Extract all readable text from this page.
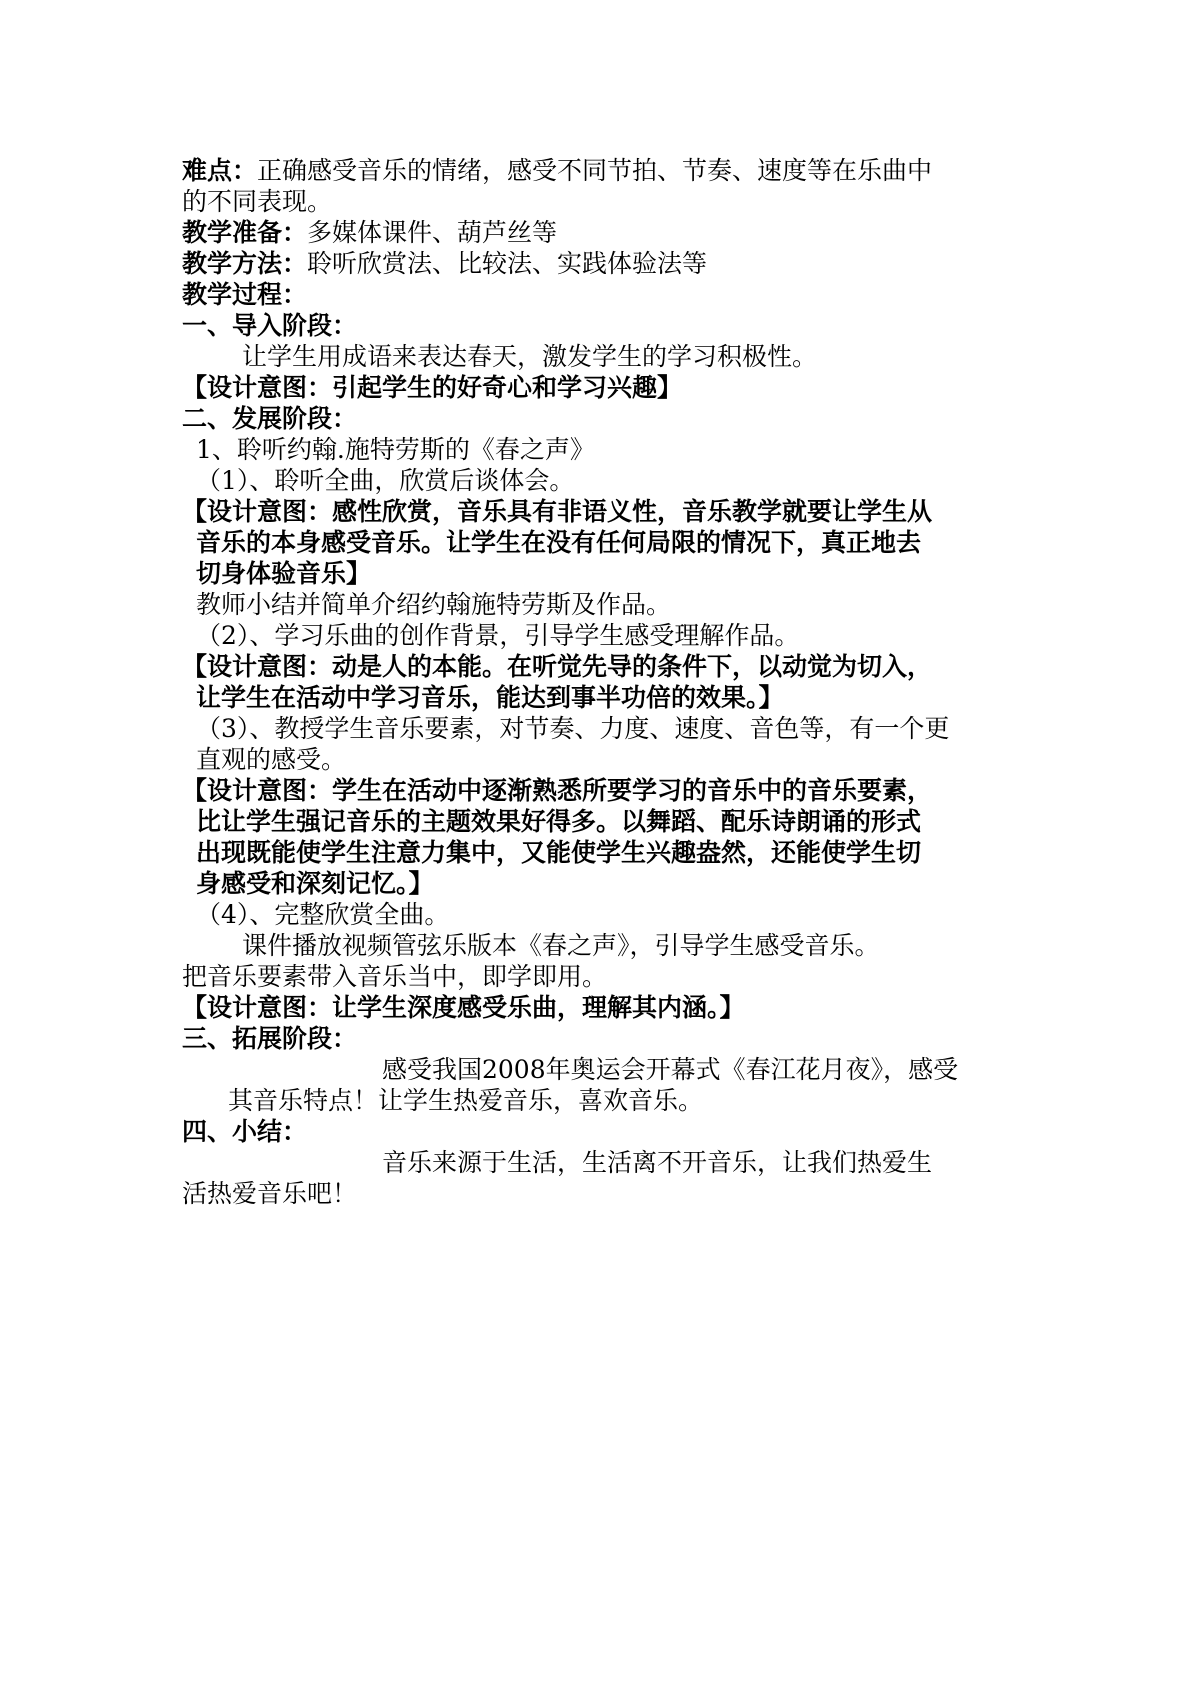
难点：正确感受音乐的情绪，感受不同节拍、节奏、速度等在乐曲中
的不同表现。
教学准备：多媒体课件、葫芦丝等
教学方法：聆听欣赏法、比较法、实践体验法等
教学过程：
一、导入阶段：
让学生用成语来表达春天，激发学生的学习积极性。
【设计意图：引起学生的好奇心和学习兴趣】
二、发展阶段：
1、聆听约翰.施特劳斯的《春之声》
（1）、聆听全曲，欣赏后谈体会。
【设计意图：感性欣赏，音乐具有非语义性，音乐教学就要让学生从
音乐的本身感受音乐。让学生在没有任何局限的情况下，真正地去
切身体验音乐】
教师小结并简单介绍约翰施特劳斯及作品。
（2）、学习乐曲的创作背景，引导学生感受理解作品。
【设计意图：动是人的本能。在听觉先导的条件下，以动觉为切入，
让学生在活动中学习音乐，能达到事半功倍的效果。】
（3）、教授学生音乐要素，对节奏、力度、速度、音色等，有一个更
直观的感受。
【设计意图：学生在活动中逐渐熟悉所要学习的音乐中的音乐要素，
比让学生强记音乐的主题效果好得多。以舞蹈、配乐诗朗诵的形式
出现既能使学生注意力集中，又能使学生兴趣盎然，还能使学生切
身感受和深刻记忆。】
（4）、完整欣赏全曲。
课件播放视频管弦乐版本《春之声》，引导学生感受音乐。
把音乐要素带入音乐当中，即学即用。
【设计意图：让学生深度感受乐曲，理解其内涵。】
三、拓展阶段：
感受我国2008年奥运会开幕式《春江花月夜》，感受
其音乐特点！让学生热爱音乐，喜欢音乐。
四、小结：
音乐来源于生活，生活离不开音乐，让我们热爱生
活热爱音乐吧！
